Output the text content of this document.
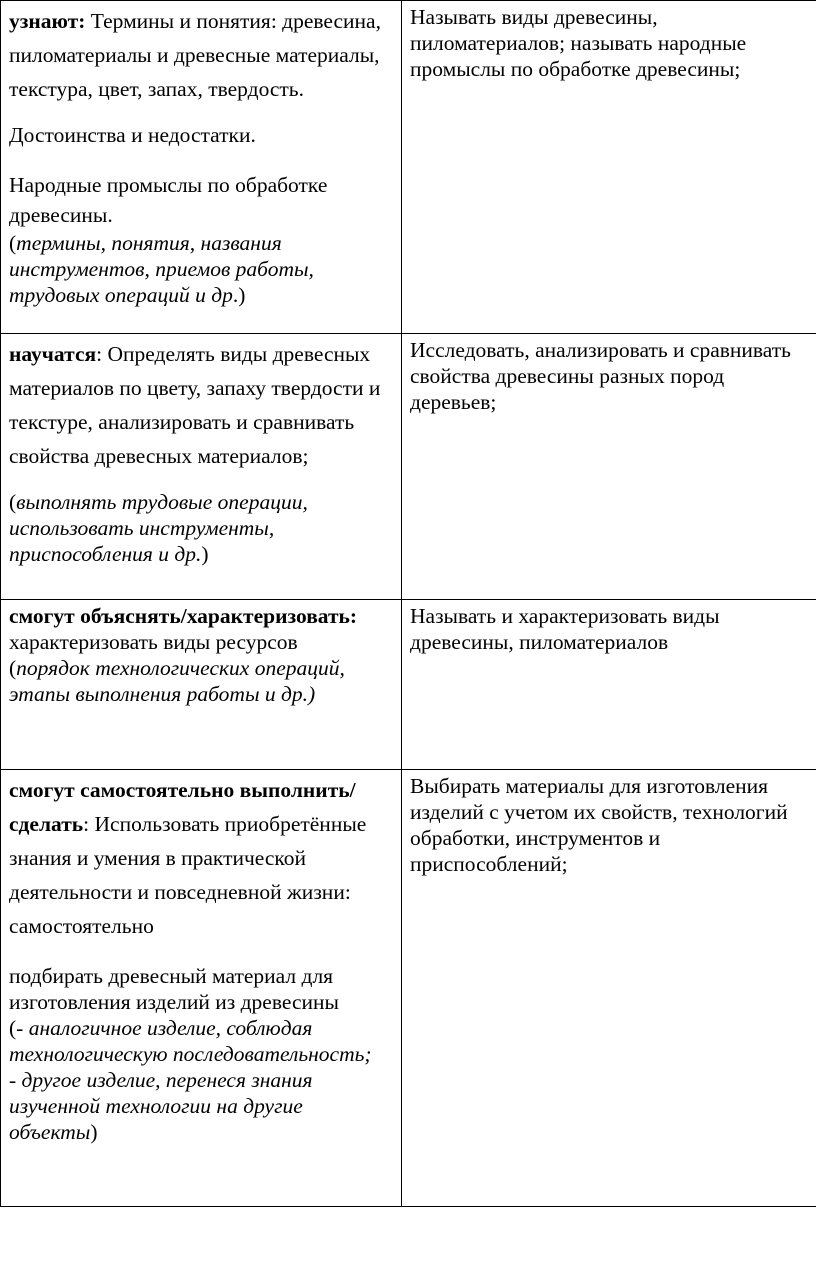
узнают: Термины и понятия: древесина, пиломатериалы и древесные материалы, текстура, цвет, запах, твердость.

Достоинства и недостатки.

Народные промыслы по обработке древесины.

(термины, понятия, названия инструментов, приемов работы, трудовых операций и др.)	Называть виды древесины, пиломатериалов; называть народные промыслы по обработке древесины;

научатся: Определять виды древесных материалов по цвету, запаху твердости и текстуре, анализировать и сравнивать свойства древесных материалов;

(выполнять трудовые операции, использовать инструменты, приспособления и др.)	Исследовать, анализировать и сравнивать свойства древесины разных пород деревьев;

смогут объяснять/характеризовать:
характеризовать виды ресурсов
(порядок технологических операций, этапы выполнения работы и др.)	Называть и характеризовать виды древесины, пиломатериалов

смогут самостоятельно выполнить/сделать: Использовать приобретённые знания и умения в практической деятельности и повседневной жизни: самостоятельно

подбирать древесный материал для изготовления изделий из древесины

(- аналогичное изделие, соблюдая технологическую последовательность;

- другое изделие, перенеся знания изученной технологии на другие объекты)	Выбирать материалы для изготовления изделий с учетом их свойств, технологий обработки, инструментов и приспособлений;
